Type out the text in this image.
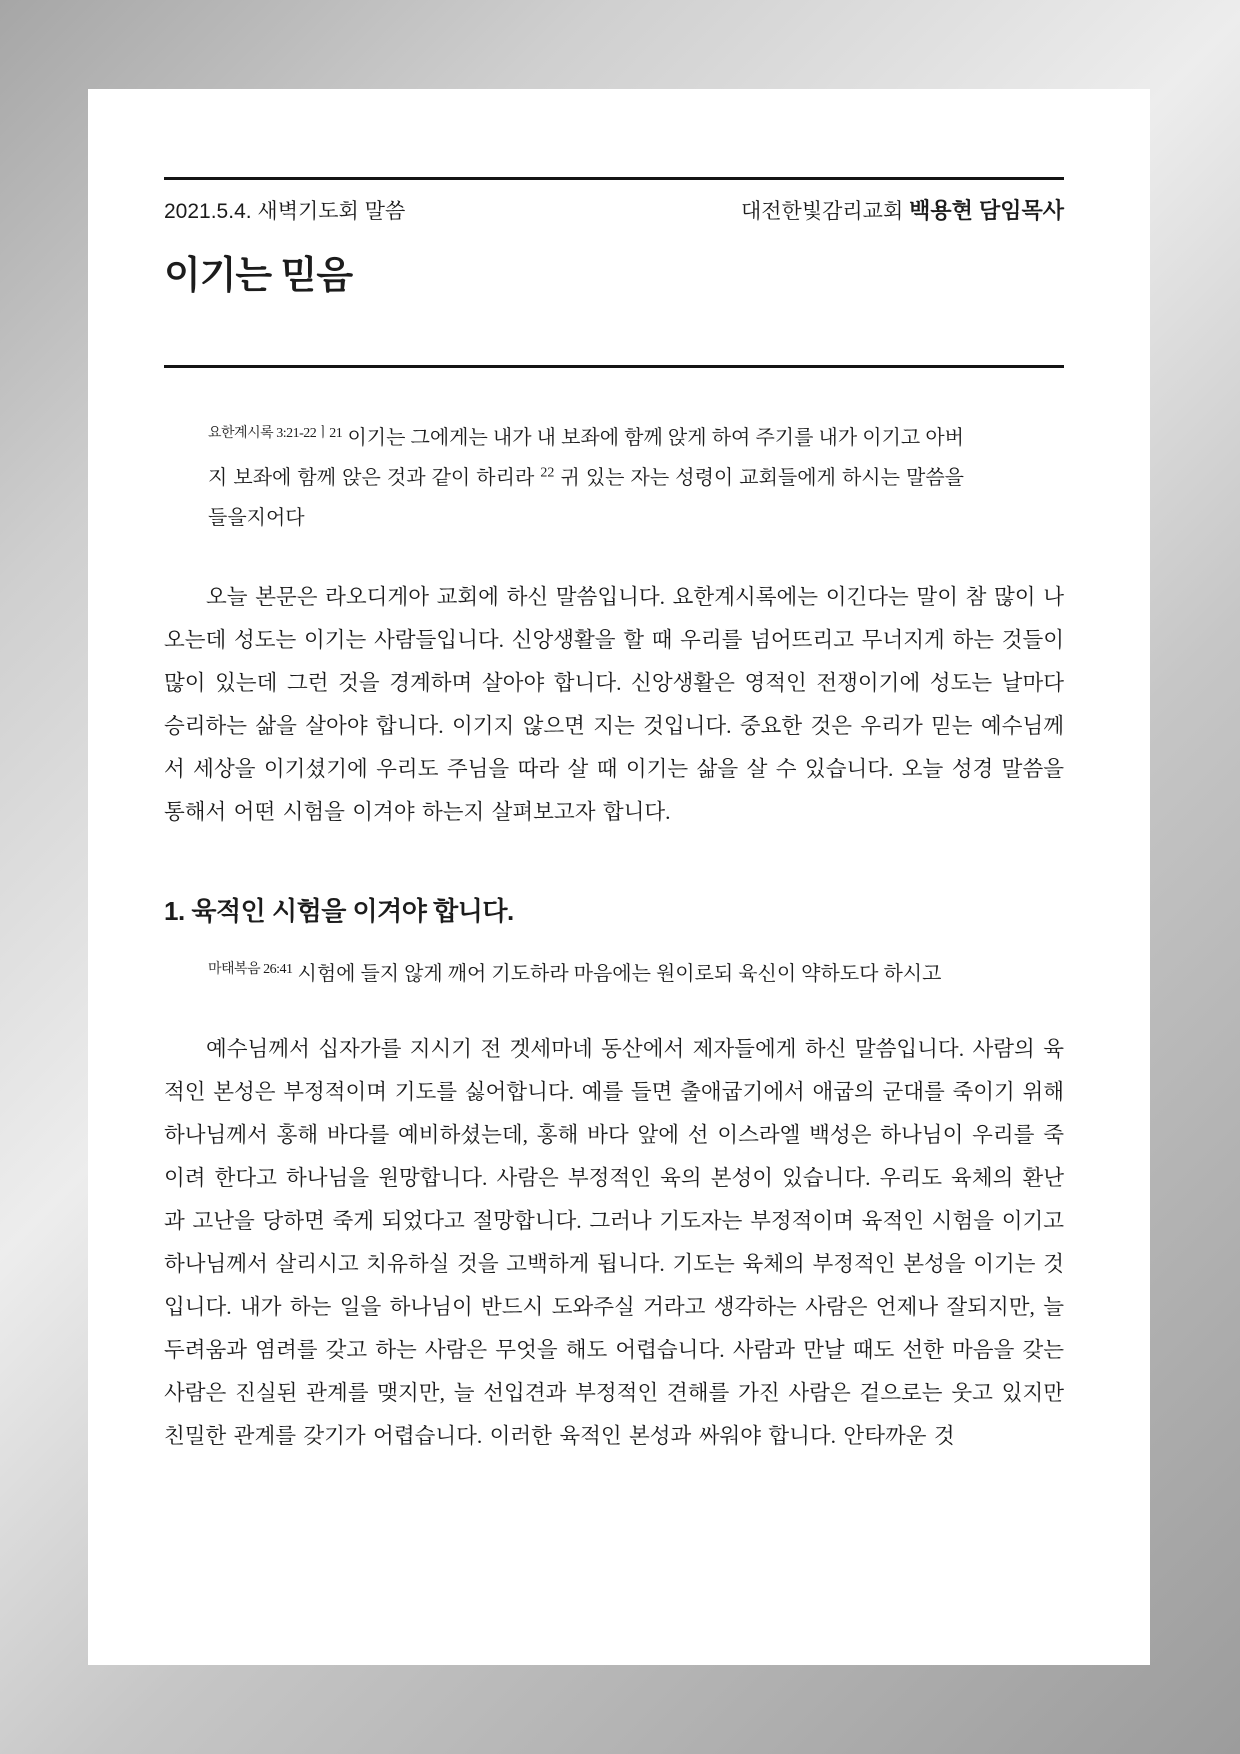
2021.5.4. 새벽기도회 말씀	대전한빛감리교회 백용현 담임목사
이기는 믿음

$^{요한계시록 3:21-22ㅣ21}$ 이기는 그에게는 내가 내 보좌에 함께 앉게 하여 주기를 내가 이기고 아버지 보좌에 함께 앉은 것과 같이 하리라 $^{22}$ 귀 있는 자는 성령이 교회들에게 하시는 말씀을 들을지어다

오늘 본문은 라오디게아 교회에 하신 말씀입니다. 요한계시록에는 이긴다는 말이 참 많이 나오는데 성도는 이기는 사람들입니다. 신앙생활을 할 때 우리를 넘어뜨리고 무너지게 하는 것들이 많이 있는데 그런 것을 경계하며 살아야 합니다. 신앙생활은 영적인 전쟁이기에 성도는 날마다 승리하는 삶을 살아야 합니다. 이기지 않으면 지는 것입니다. 중요한 것은 우리가 믿는 예수님께서 세상을 이기셨기에 우리도 주님을 따라 살 때 이기는 삶을 살 수 있습니다. 오늘 성경 말씀을 통해서 어떤 시험을 이겨야 하는지 살펴보고자 합니다.

1. 육적인 시험을 이겨야 합니다.

$^{마태복음 26:41}$ 시험에 들지 않게 깨어 기도하라 마음에는 원이로되 육신이 약하도다 하시고

예수님께서 십자가를 지시기 전 겟세마네 동산에서 제자들에게 하신 말씀입니다. 사람의 육적인 본성은 부정적이며 기도를 싫어합니다. 예를 들면 출애굽기에서 애굽의 군대를 죽이기 위해 하나님께서 홍해 바다를 예비하셨는데, 홍해 바다 앞에 선 이스라엘 백성은 하나님이 우리를 죽이려 한다고 하나님을 원망합니다. 사람은 부정적인 육의 본성이 있습니다. 우리도 육체의 환난과 고난을 당하면 죽게 되었다고 절망합니다. 그러나 기도자는 부정적이며 육적인 시험을 이기고 하나님께서 살리시고 치유하실 것을 고백하게 됩니다. 기도는 육체의 부정적인 본성을 이기는 것입니다. 내가 하는 일을 하나님이 반드시 도와주실 거라고 생각하는 사람은 언제나 잘되지만, 늘 두려움과 염려를 갖고 하는 사람은 무엇을 해도 어렵습니다. 사람과 만날 때도 선한 마음을 갖는 사람은 진실된 관계를 맺지만, 늘 선입견과 부정적인 견해를 가진 사람은 겉으로는 웃고 있지만 친밀한 관계를 갖기가 어렵습니다. 이러한 육적인 본성과 싸워야 합니다. 안타까운 것
